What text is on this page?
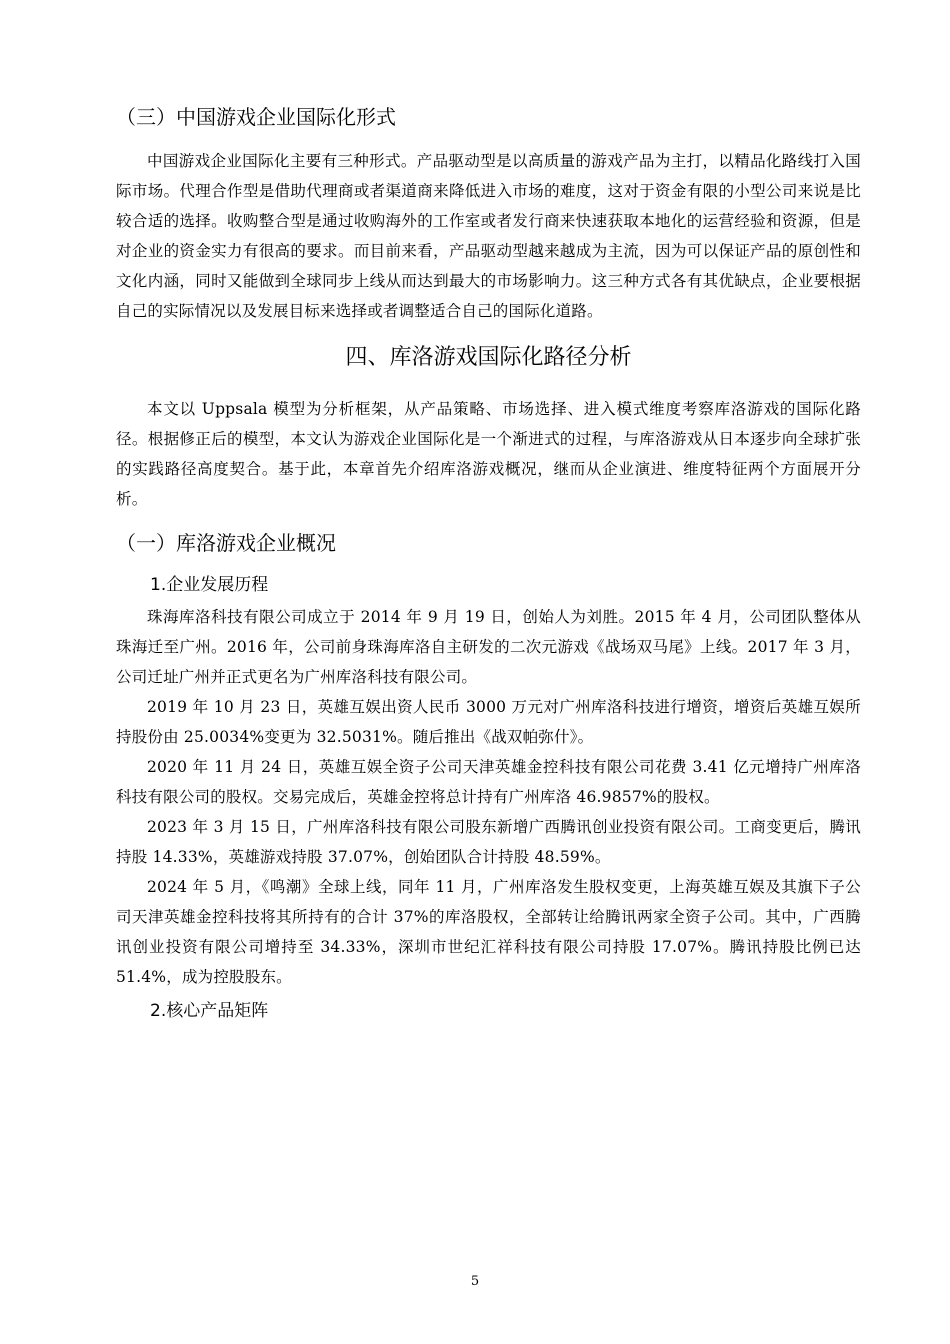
（三）中国游戏企业国际化形式

中国游戏企业国际化主要有三种形式。产品驱动型是以高质量的游戏产品为主打，以精品化路线打入国际市场。代理合作型是借助代理商或者渠道商来降低进入市场的难度，这对于资金有限的小型公司来说是比较合适的选择。收购整合型是通过收购海外的工作室或者发行商来快速获取本地化的运营经验和资源，但是对企业的资金实力有很高的要求。而目前来看，产品驱动型越来越成为主流，因为可以保证产品的原创性和文化内涵，同时又能做到全球同步上线从而达到最大的市场影响力。这三种方式各有其优缺点，企业要根据自己的实际情况以及发展目标来选择或者调整适合自己的国际化道路。

四、库洛游戏国际化路径分析

本文以 Uppsala 模型为分析框架，从产品策略、市场选择、进入模式维度考察库洛游戏的国际化路径。根据修正后的模型，本文认为游戏企业国际化是一个渐进式的过程，与库洛游戏从日本逐步向全球扩张的实践路径高度契合。基于此，本章首先介绍库洛游戏概况，继而从企业演进、维度特征两个方面展开分析。

（一）库洛游戏企业概况
1.企业发展历程

珠海库洛科技有限公司成立于 2014 年 9 月 19 日，创始人为刘胜。2015 年 4 月，公司团队整体从珠海迁至广州。2016 年，公司前身珠海库洛自主研发的二次元游戏《战场双马尾》上线。2017 年 3 月，公司迁址广州并正式更名为广州库洛科技有限公司。

2019 年 10 月 23 日，英雄互娱出资人民币 3000 万元对广州库洛科技进行增资，增资后英雄互娱所持股份由 25.0034%变更为 32.5031%。随后推出《战双帕弥什》。

2020 年 11 月 24 日，英雄互娱全资子公司天津英雄金控科技有限公司花费 3.41 亿元增持广州库洛科技有限公司的股权。交易完成后，英雄金控将总计持有广州库洛 46.9857%的股权。

2023 年 3 月 15 日，广州库洛科技有限公司股东新增广西腾讯创业投资有限公司。工商变更后，腾讯持股 14.33%，英雄游戏持股 37.07%，创始团队合计持股 48.59%。

2024 年 5 月，《鸣潮》全球上线，同年 11 月，广州库洛发生股权变更，上海英雄互娱及其旗下子公司天津英雄金控科技将其所持有的合计 37%的库洛股权，全部转让给腾讯两家全资子公司。其中，广西腾讯创业投资有限公司增持至 34.33%，深圳市世纪汇祥科技有限公司持股 17.07%。腾讯持股比例已达 51.4%，成为控股股东。

2.核心产品矩阵
5
